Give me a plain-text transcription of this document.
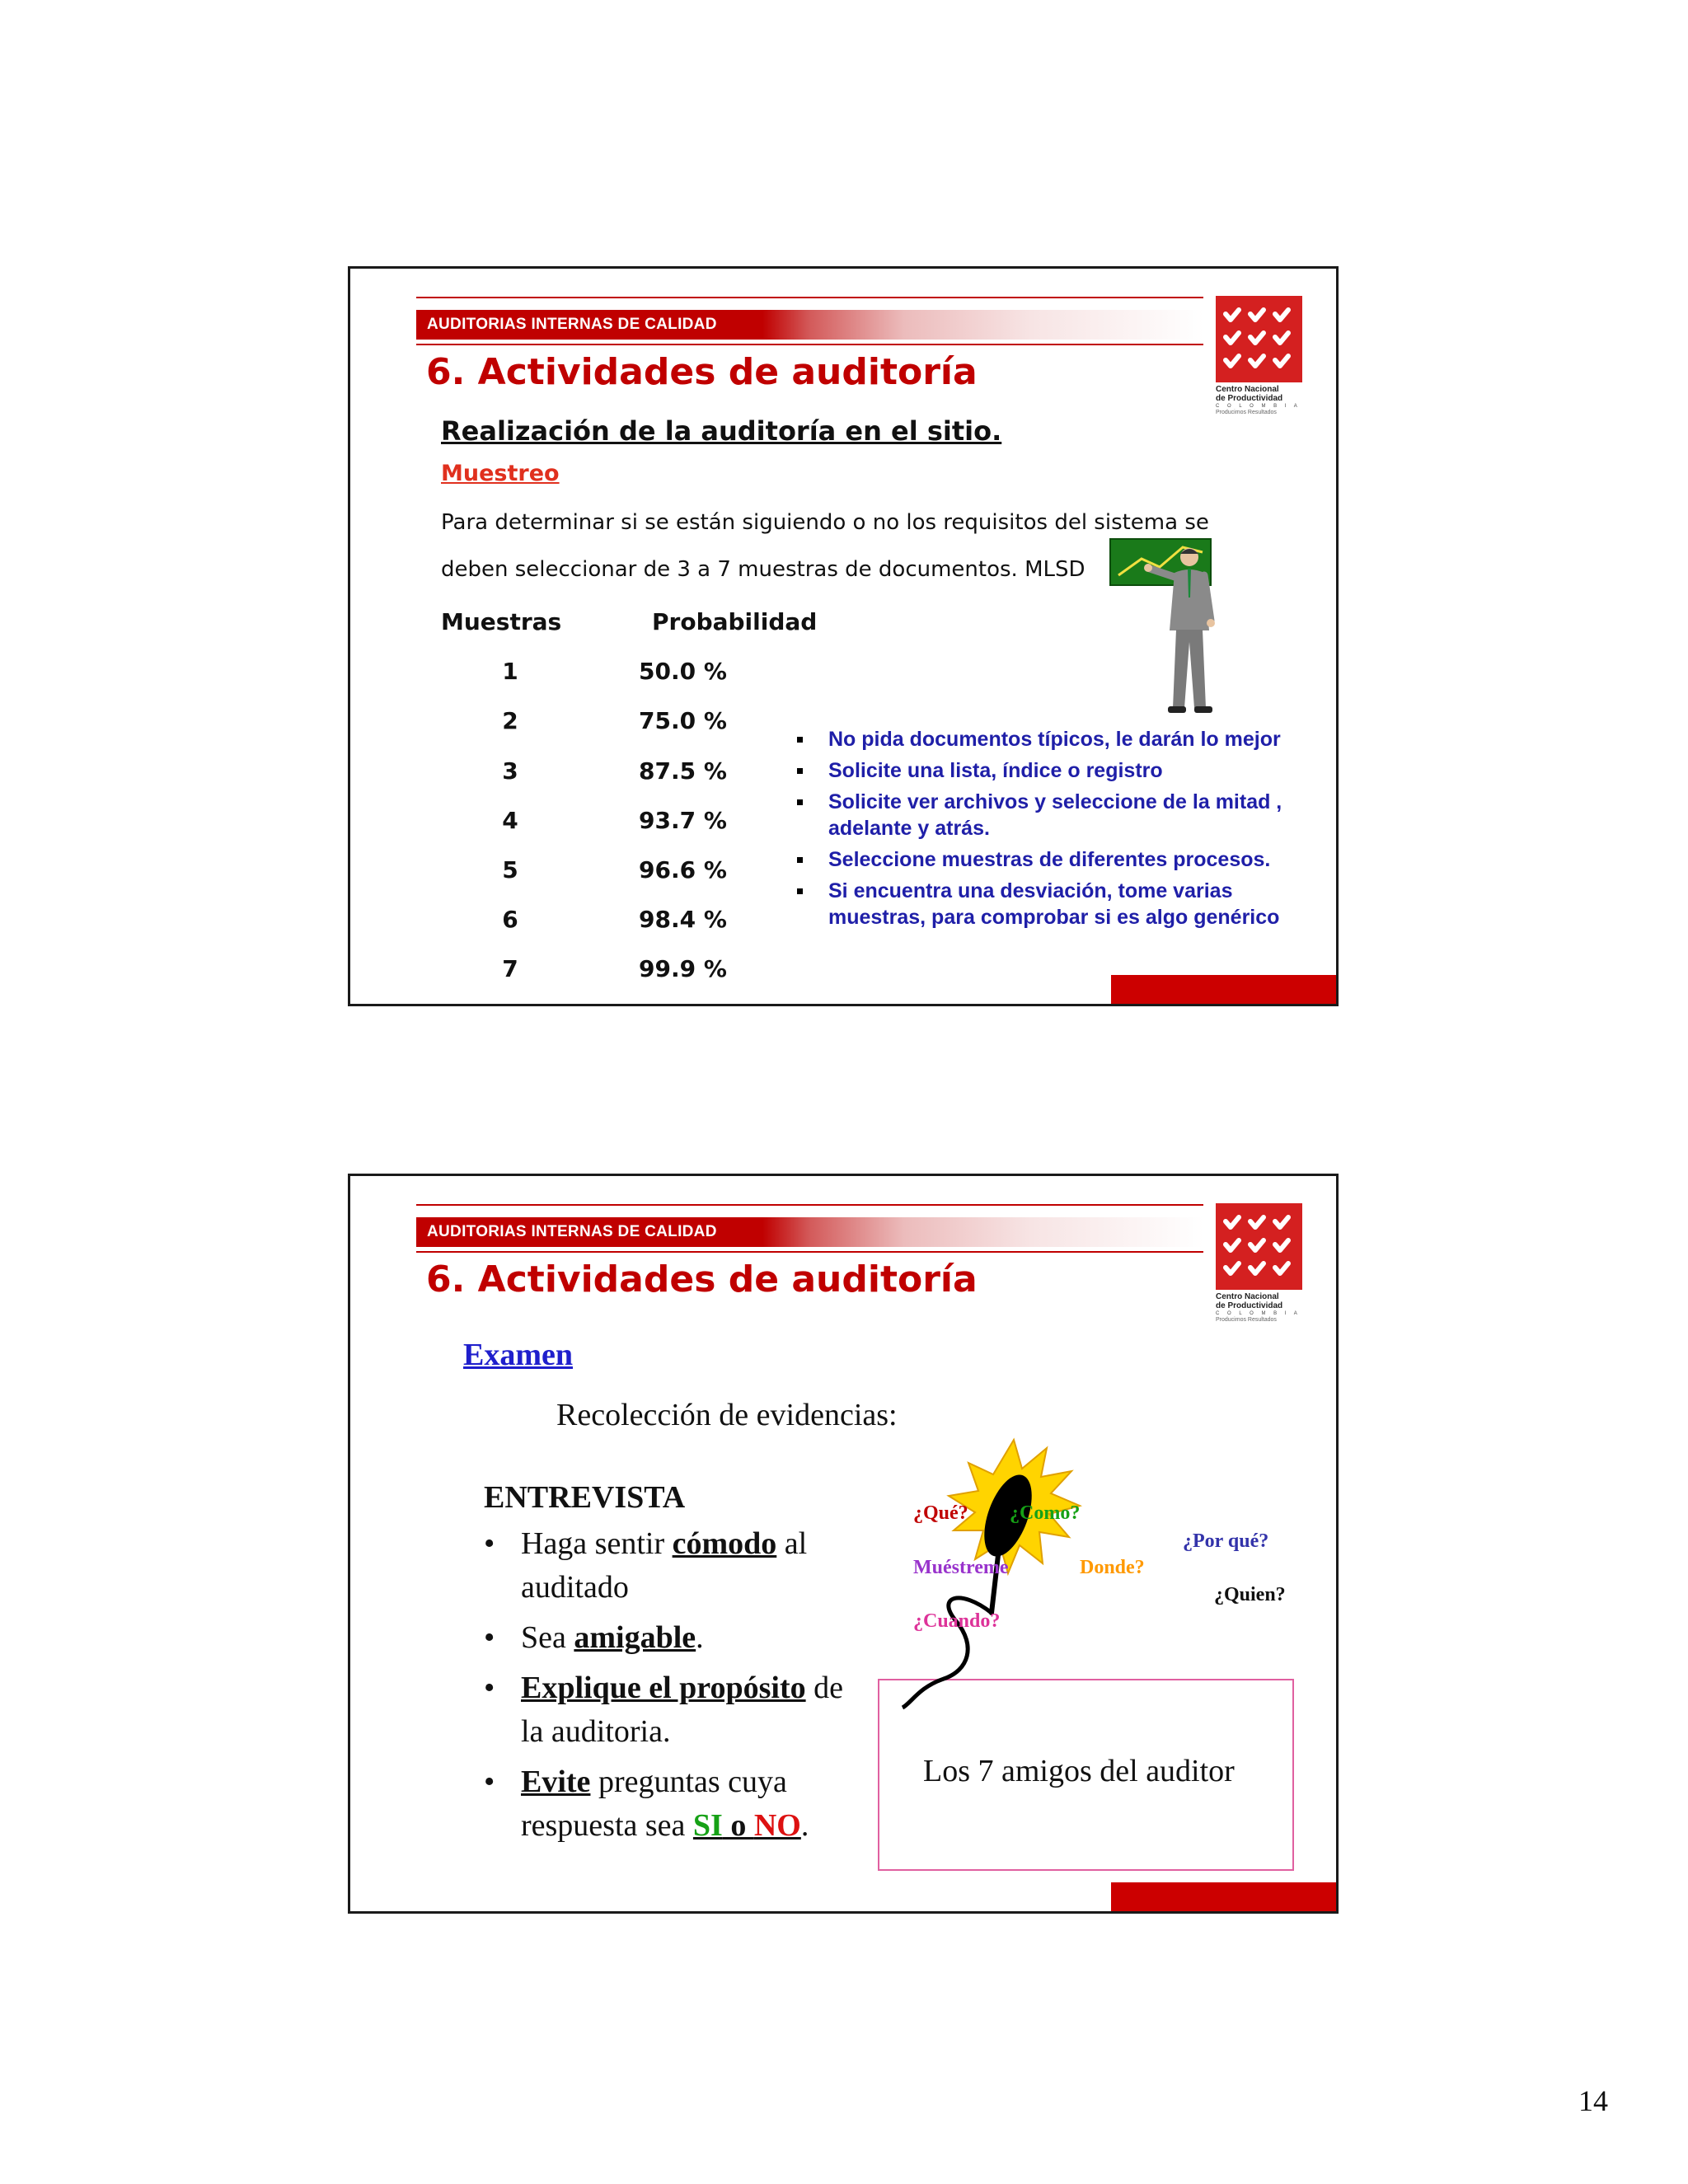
AUDITORIAS INTERNAS DE CALIDAD
Centro Nacional
de Productividad
C O L O M B I A
Producimos Resultados
6. Actividades de auditoría
Realización de la auditoría en el sitio.
Muestreo
Para determinar si se están siguiendo o no los requisitos del sistema se
deben seleccionar de 3 a 7 muestras de documentos. MLSD
Muestras	Probabilidad
1	50.0 %
2	75.0 %
3	87.5 %
4	93.7 %
5	96.6 %
6	98.4 %
7	99.9 %
No pida documentos típicos, le darán lo mejor
Solicite una lista, índice o registro
Solicite ver archivos y seleccione de la mitad , adelante y atrás.
Seleccione muestras de diferentes procesos.
Si encuentra una desviación, tome varias muestras, para comprobar si es algo genérico
AUDITORIAS INTERNAS DE CALIDAD
Centro Nacional
de Productividad
C O L O M B I A
Producimos Resultados
6. Actividades de auditoría
Examen
Recolección de evidencias:
ENTREVISTA
• Haga sentir cómodo al auditado
• Sea amigable.
• Explique el propósito de la auditoria.
• Evite preguntas cuya respuesta sea SI o NO.
Los 7 amigos del auditor
¿Qué? ¿Como?
¿Por qué?
Muéstreme	Donde?
¿Quien?
¿Cuando?
14
